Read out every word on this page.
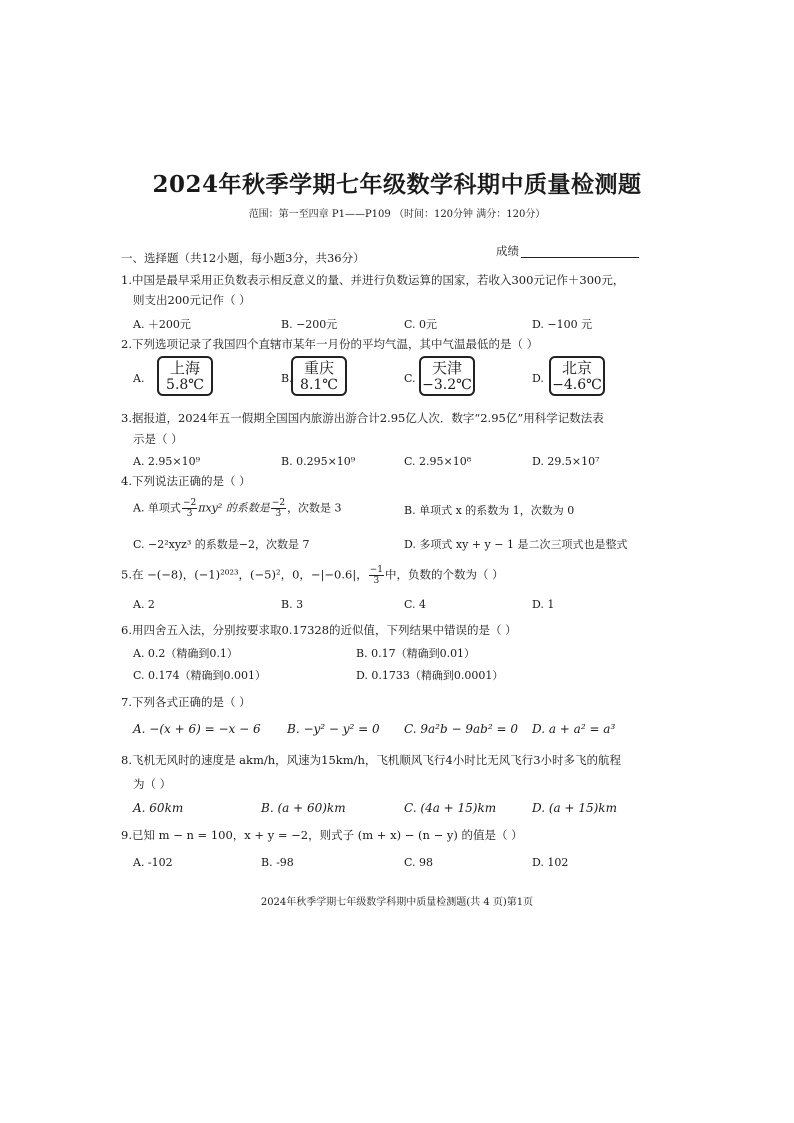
2024年秋季学期七年级数学科期中质量检测题
范围：第一至四章 P1——P109 （时间：120分钟 满分：120分）
一、选择题（共12小题，每小题3分，共36分）	成绩
1.中国是最早采用正负数表示相反意义的量、并进行负数运算的国家，若收入300元记作＋300元，
则支出200元记作（ ）
A. ＋200元	B. −200元	C. 0元	D. −100 元
2.下列选项记录了我国四个直辖市某年一月份的平均气温，其中气温最低的是（ ）
A.
上海
5.8℃	B.
重庆
8.1℃	C.
天津
−3.2℃	D.
北京
−4.6℃
3.据报道，2024年五一假期全国国内旅游出游合计2.95亿人次．数字“2.95亿”用科学记数法表
示是（ ）
A. 2.95×10⁹	B. 0.295×10⁹	C. 2.95×10⁸	D. 29.5×10⁷
4.下列说法正确的是（ ）
A. 单项式 $\frac{-2}{3} \pi xy^2$ 的系数是 $\frac{-2}{3}$ ，次数是 3	B. 单项式 x 的系数为 1，次数为 0
C. −2²xyz³ 的系数是−2，次数是 7	D. 多项式 xy + y − 1 是二次三项式也是整式
5.在 −(−8)，(−1)²⁰²³，(−5)²，0，−|−0.6|， $\frac{-1}{3}$ 中，负数的个数为（ ）
A. 2	B. 3	C. 4	D. 1
6.用四舍五入法，分别按要求取0.17328的近似值，下列结果中错误的是（ ）
A. 0.2（精确到0.1）	B. 0.17（精确到0.01）
C. 0.174（精确到0.001）	D. 0.1733（精确到0.0001）
7.下列各式正确的是（ ）
A. −(x + 6) = −x − 6 B. −y² − y² = 0 C. 9a²b − 9ab² = 0 D. a + a² = a³
8.飞机无风时的速度是 akm/h，风速为15km/h，飞机顺风飞行4小时比无风飞行3小时多飞的航程
为（ ）
A. 60km	B. (a + 60)km	C. (4a + 15)km	D. (a + 15)km
9.已知 m − n = 100，x + y = −2，则式子 (m + x) − (n − y) 的值是（ ）
A. -102	B. -98	C. 98	D. 102
2024年秋季学期七年级数学科期中质量检测题(共 4 页)第1页
